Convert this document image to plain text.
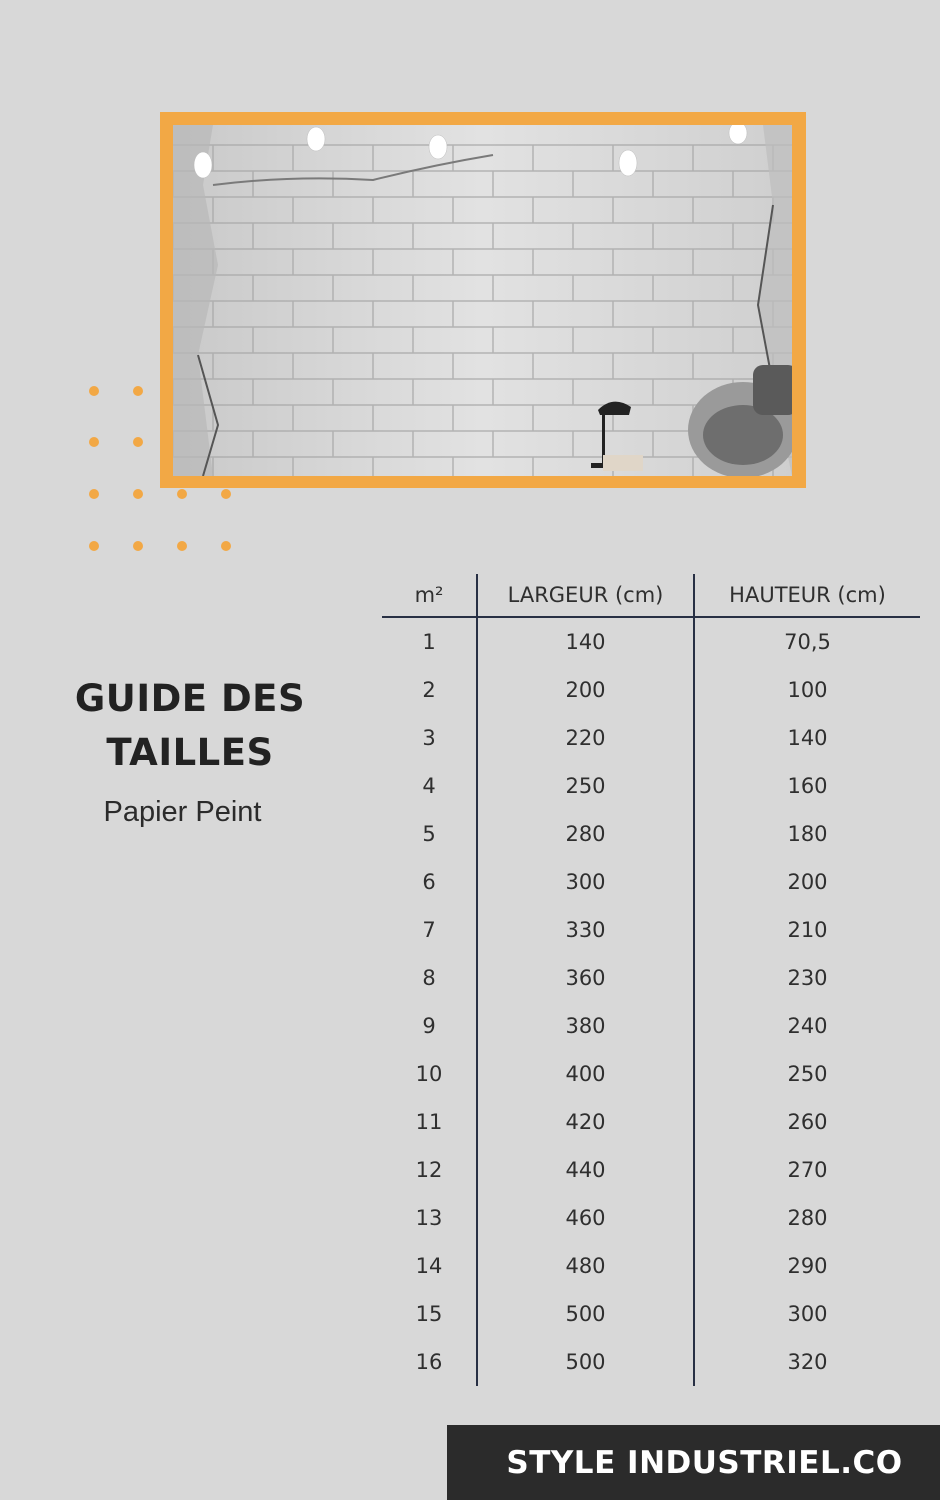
GUIDE DES TAILLES
Papier Peint
m²	LARGEUR (cm)	HAUTEUR (cm)
1	140	70,5
2	200	100
3	220	140
4	250	160
5	280	180
6	300	200
7	330	210
8	360	230
9	380	240
10	400	250
11	420	260
12	440	270
13	460	280
14	480	290
15	500	300
16	500	320
STYLE INDUSTRIEL.CO
